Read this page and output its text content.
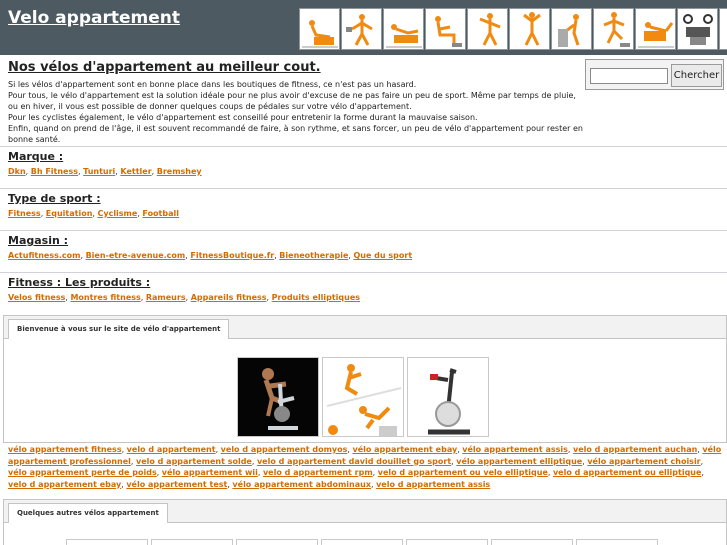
Velo appartement
Nos vélos d'appartement au meilleur cout.

Si les vélos d'appartement sont en bonne place dans les boutiques de fitness, ce n'est pas un hasard.
Pour tous, le vélo d'appartement est la solution idéale pour ne plus avoir d'excuse de ne pas faire un peu de sport. Même par temps de pluie, ou en hiver, il vous est possible de donner quelques coups de pédales sur votre vélo d'appartement.
Pour les cyclistes également, le vélo d'appartement est conseillé pour entretenir la forme durant la mauvaise saison.
Enfin, quand on prend de l'âge, il est souvent recommandé de faire, à son rythme, et sans forcer, un peu de vélo d'appartement pour rester en bonne santé.

Chercher
Marque :
Dkn, Bh Fitness, Tunturi, Kettler, Bremshey
Type de sport :
Fitness, Equitation, Cyclisme, Football
Magasin :
Actufitness.com, Bien-etre-avenue.com, FitnessBoutique.fr, Bieneotherapie, Que du sport
Fitness : Les produits :
Velos fitness, Montres fitness, Rameurs, Appareils fitness, Produits elliptiques
Bienvenue à vous sur le site de vélo d'appartement
vélo appartement fitness, velo d appartement, velo d appartement domyos, vélo appartement ebay, vélo appartement assis, velo d appartement auchan, vélo appartement professionnel, velo d appartement solde, velo d appartement david douillet go sport, vélo appartement elliptique, vélo appartement choisir, vélo appartement perte de poids, vélo appartement wii, velo d appartement rpm, velo d appartement ou velo elliptique, velo d appartement ou elliptique, velo d appartement ebay, vélo appartement test, vélo appartement abdominaux, velo d appartement assis
Quelques autres vélos appartement
